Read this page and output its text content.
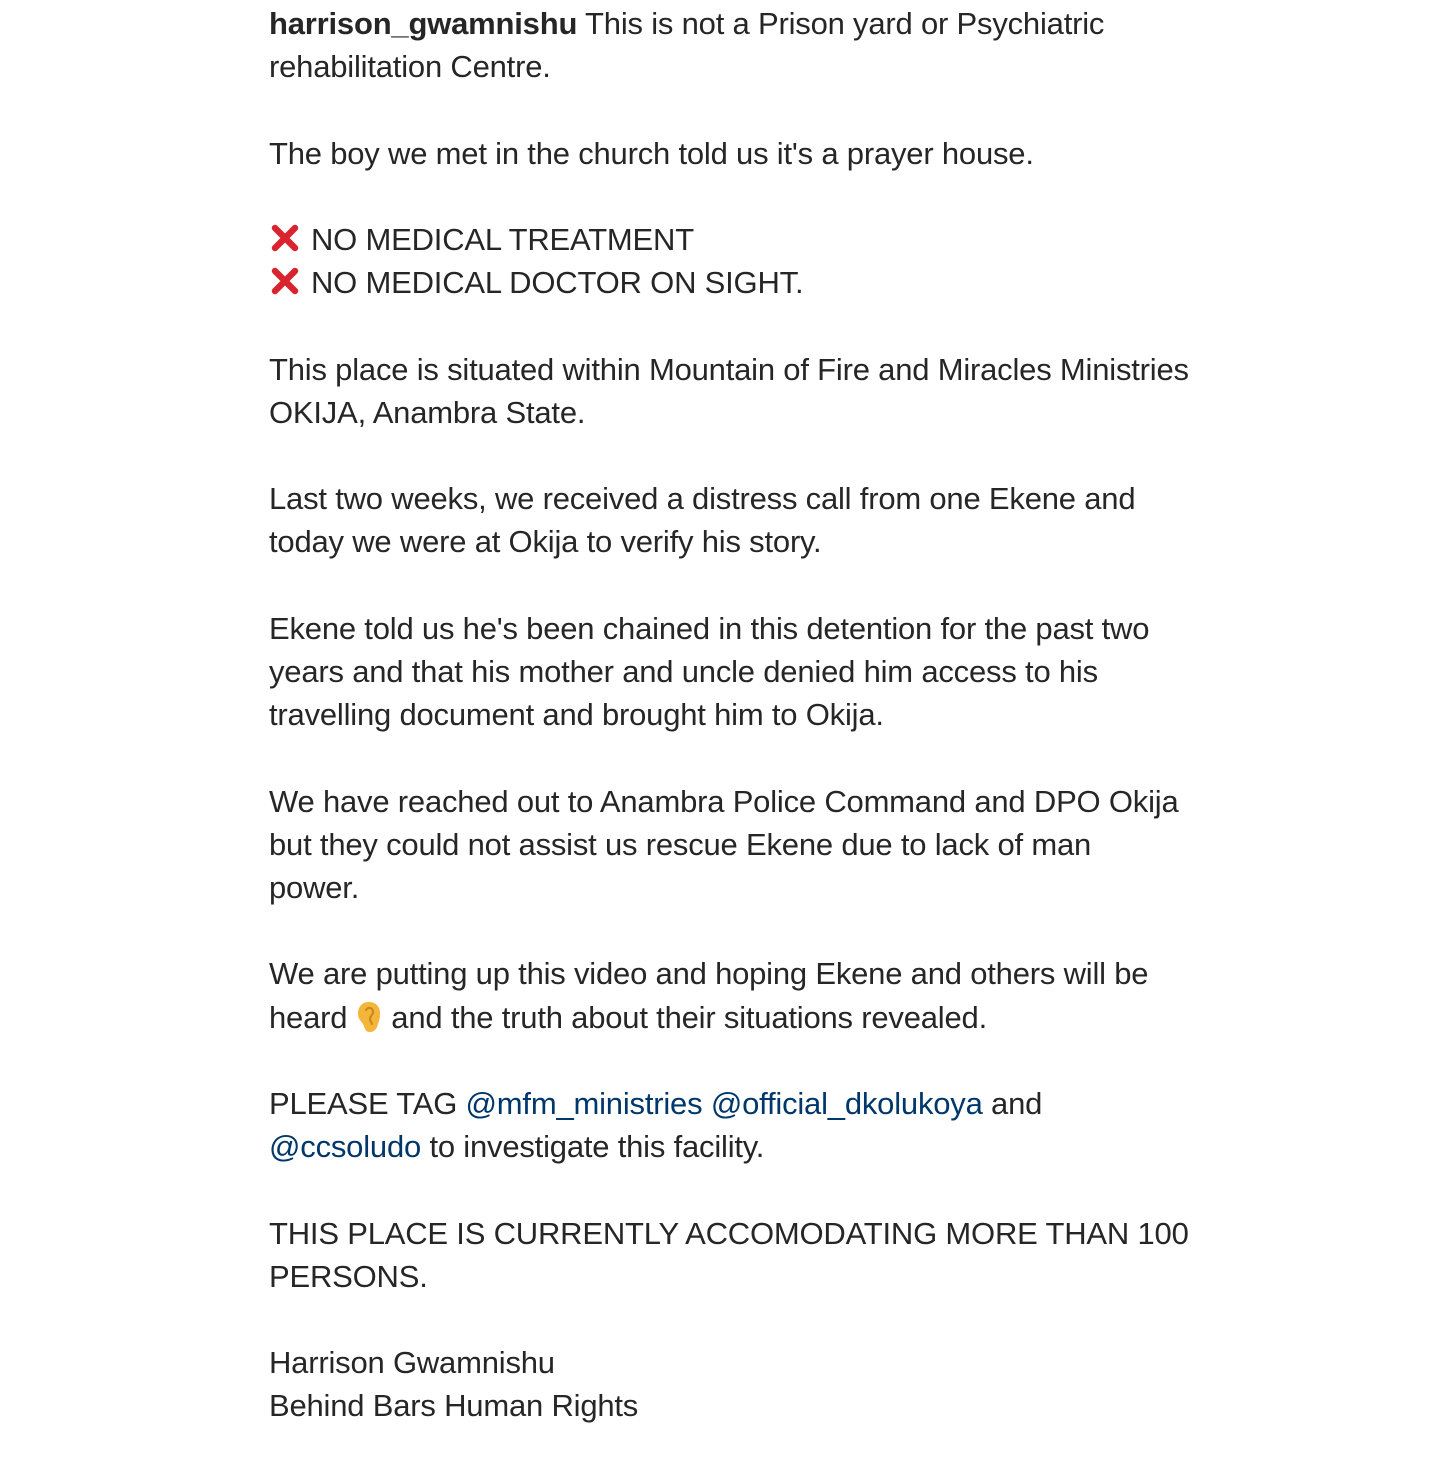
harrison_gwamnishu This is not a Prison yard or Psychiatric rehabilitation Centre.

The boy we met in the church told us it's a prayer house.

NO MEDICAL TREATMENT
NO MEDICAL DOCTOR ON SIGHT.

This place is situated within Mountain of Fire and Miracles Ministries OKIJA, Anambra State.

Last two weeks, we received a distress call from one Ekene and today we were at Okija to verify his story.

Ekene told us he's been chained in this detention for the past two years and that his mother and uncle denied him access to his travelling document and brought him to Okija.

We have reached out to Anambra Police Command and DPO Okija but they could not assist us rescue Ekene due to lack of man power.

We are putting up this video and hoping Ekene and others will be heard and the truth about their situations revealed.

PLEASE TAG @mfm_ministries @official_dkolukoya and
@ccsoludo to investigate this facility.

THIS PLACE IS CURRENTLY ACCOMODATING MORE THAN 100 PERSONS.

Harrison Gwamnishu
Behind Bars Human Rights
